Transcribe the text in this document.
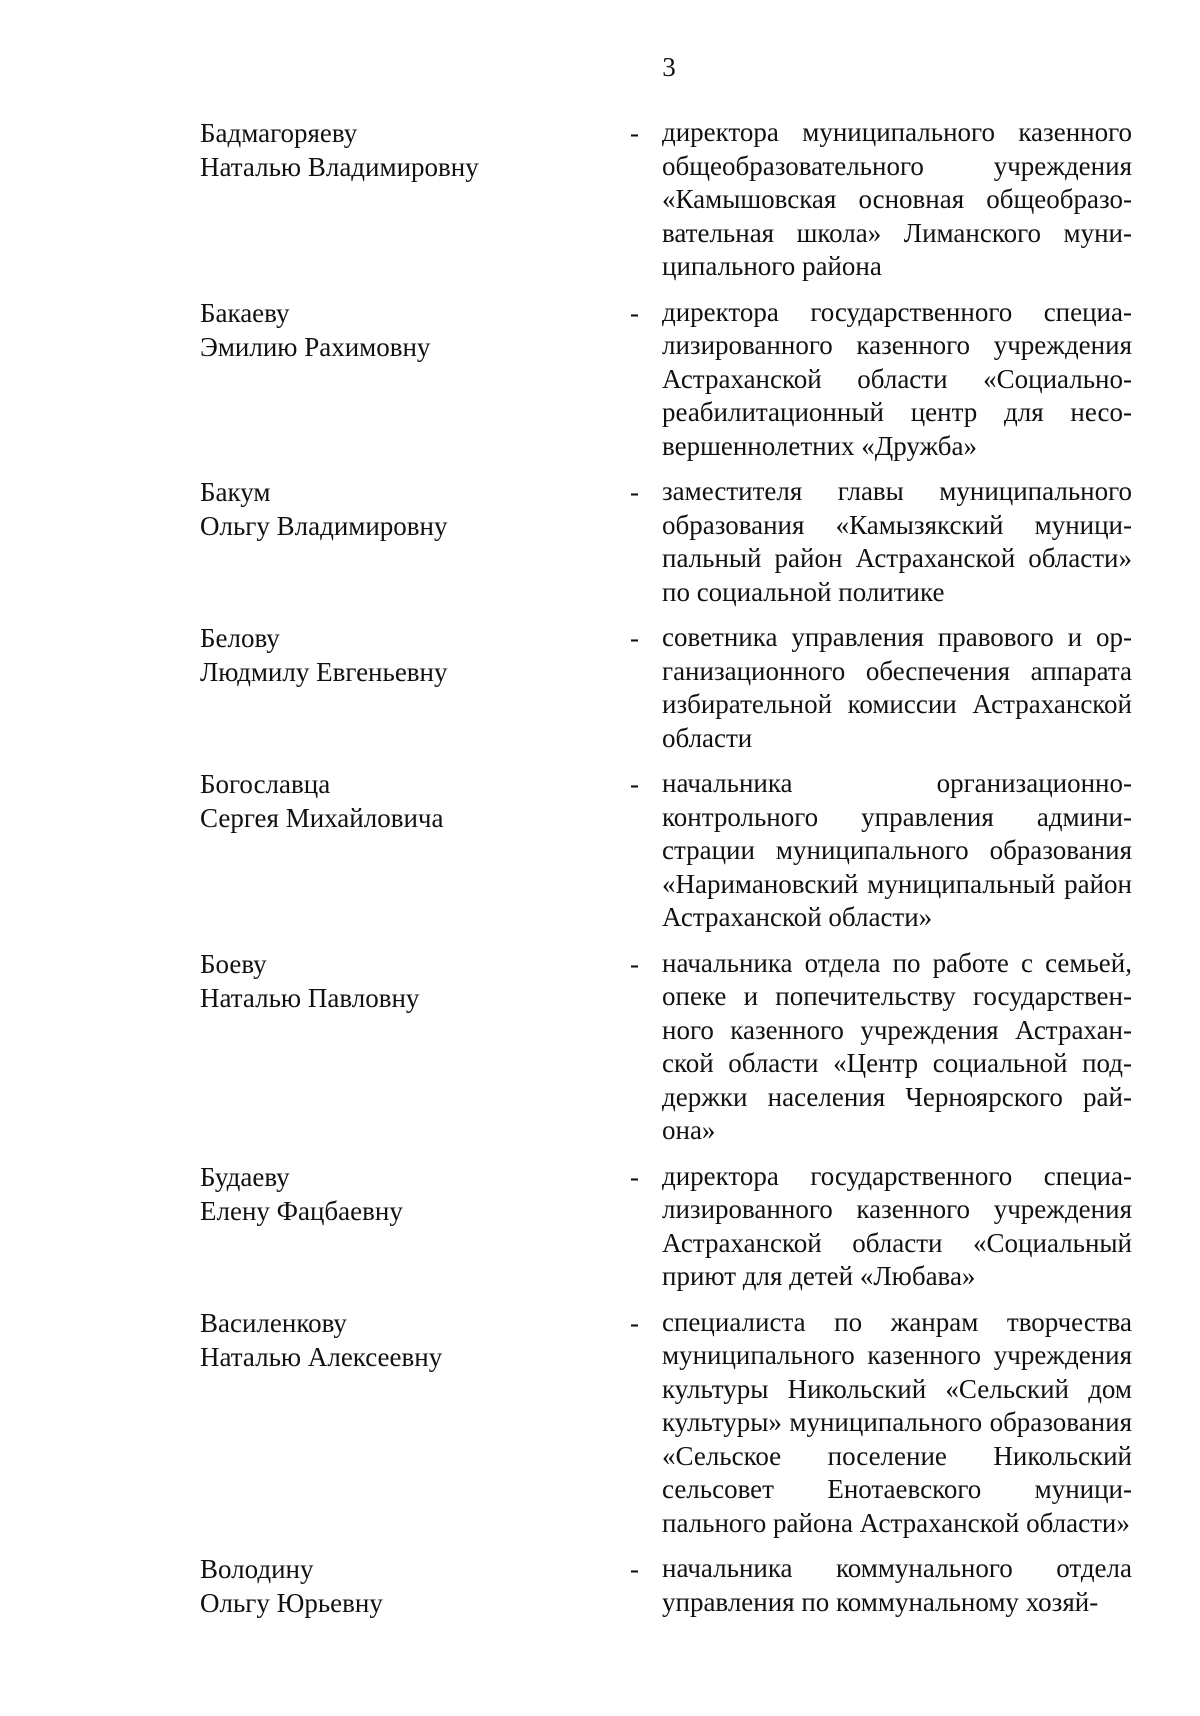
3
Бадмагоряеву
Наталью Владимировну
- директора муниципального казенного общеобразовательного учреждения «Камышовская основная общеобразовательная школа» Лиманского муниципального района
Бакаеву
Эмилию Рахимовну
- директора государственного специализированного казенного учреждения Астраханской области «Социально-реабилитационный центр для несовершеннолетних «Дружба»
Бакум
Ольгу Владимировну
- заместителя главы муниципального образования «Камызякский муниципальный район Астраханской области» по социальной политике
Белову
Людмилу Евгеньевну
- советника управления правового и организационного обеспечения аппарата избирательной комиссии Астраханской области
Богославца
Сергея Михайловича
- начальника организационно-контрольного управления администрации муниципального образования «Наримановский муниципальный район Астраханской области»
Боеву
Наталью Павловну
- начальника отдела по работе с семьей, опеке и попечительству государственного казенного учреждения Астраханской области «Центр социальной поддержки населения Черноярского района»
Будаеву
Елену Фацбаевну
- директора государственного специализированного казенного учреждения Астраханской области «Социальный приют для детей «Любава»
Василенкову
Наталью Алексеевну
- специалиста по жанрам творчества муниципального казенного учреждения культуры Никольский «Сельский дом культуры» муниципального образования «Сельское поселение Никольский сельсовет Енотаевского муниципального района Астраханской области»
Володину
Ольгу Юрьевну
- начальника коммунального отдела управления по коммунальному хозяй-
